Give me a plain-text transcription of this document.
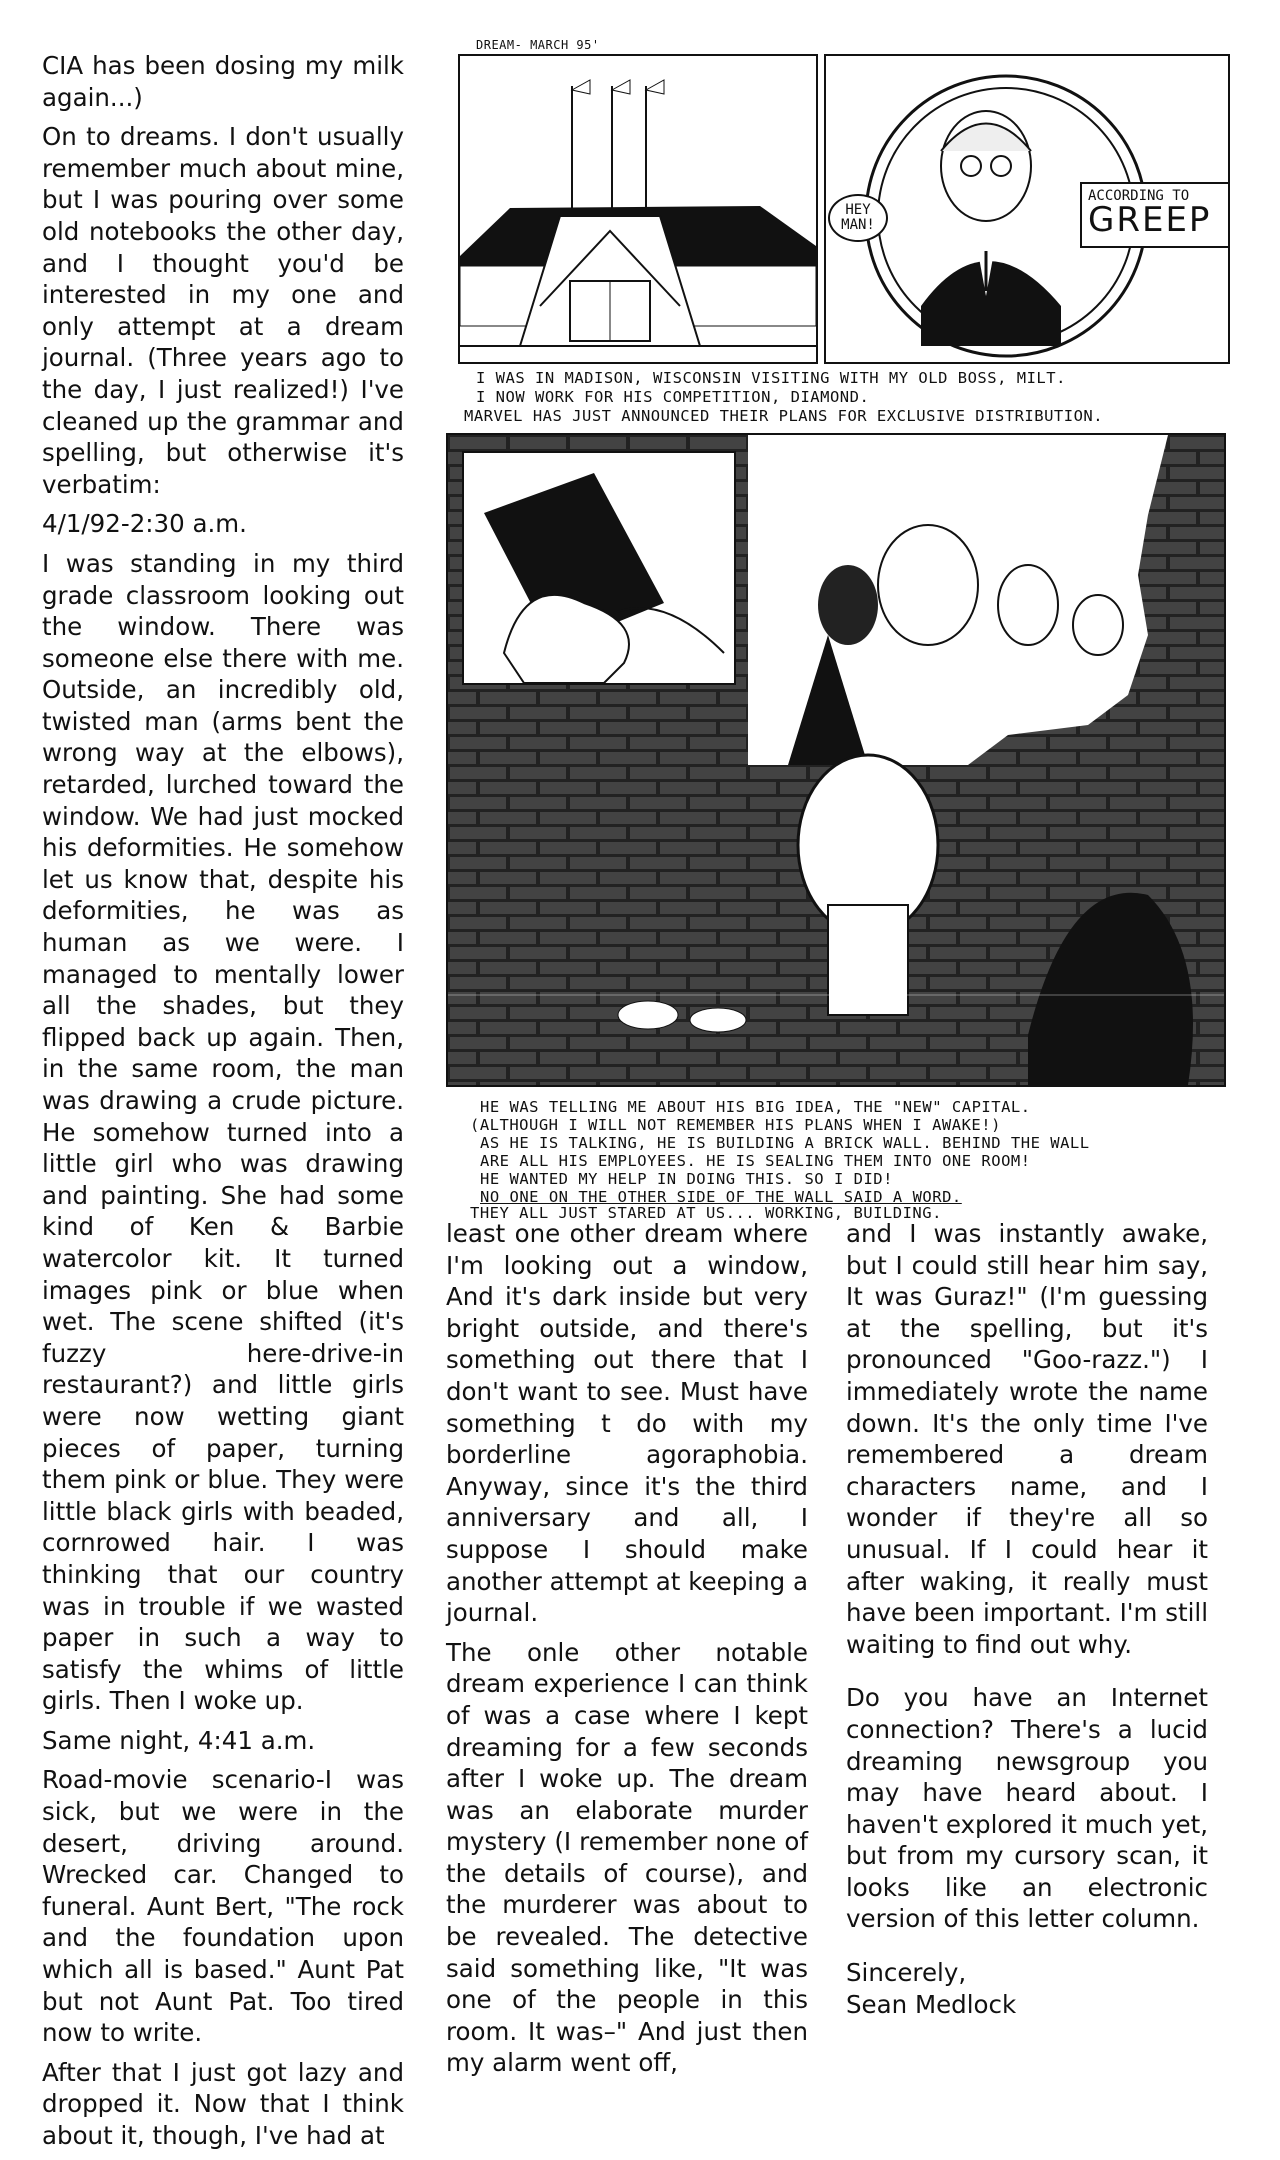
CIA has been dosing my milk again...)

On to dreams. I don't usually remember much about mine, but I was pouring over some old notebooks the other day, and I thought you'd be interested in my one and only attempt at a dream journal. (Three years ago to the day, I just realized!) I've cleaned up the grammar and spelling, but otherwise it's verbatim:

4/1/92-2:30 a.m.

I was standing in my third grade classroom looking out the window. There was someone else there with me. Outside, an incredibly old, twisted man (arms bent the wrong way at the elbows), retarded, lurched toward the window. We had just mocked his deformities. He somehow let us know that, despite his deformities, he was as human as we were. I managed to mentally lower all the shades, but they flipped back up again. Then, in the same room, the man was drawing a crude picture. He somehow turned into a little girl who was drawing and painting. She had some kind of Ken & Barbie watercolor kit. It turned images pink or blue when wet. The scene shifted (it's fuzzy here-drive-in restaurant?) and little girls were now wetting giant pieces of paper, turning them pink or blue. They were little black girls with beaded, cornrowed hair. I was thinking that our country was in trouble if we wasted paper in such a way to satisfy the whims of little girls. Then I woke up.

Same night, 4:41 a.m.

Road-movie scenario-I was sick, but we were in the desert, driving around. Wrecked car. Changed to funeral. Aunt Bert, "The rock and the foundation upon which all is based." Aunt Pat but not Aunt Pat. Too tired now to write.

After that I just got lazy and dropped it. Now that I think about it, though, I've had at

DREAM- MARCH 95'
HEY MAN!
ACCORDING TO
GREEP
I WAS IN MADISON, WISCONSIN VISITING WITH MY OLD BOSS, MILT.
I NOW WORK FOR HIS COMPETITION, DIAMOND.
MARVEL HAS JUST ANNOUNCED THEIR PLANS FOR EXCLUSIVE DISTRIBUTION.
HE WAS TELLING ME ABOUT HIS BIG IDEA, THE "NEW" CAPITAL.
(ALTHOUGH I WILL NOT REMEMBER HIS PLANS WHEN I AWAKE!)
AS HE IS TALKING, HE IS BUILDING A BRICK WALL. BEHIND THE WALL
ARE ALL HIS EMPLOYEES. HE IS SEALING THEM INTO ONE ROOM!
HE WANTED MY HELP IN DOING THIS. SO I DID!
NO ONE ON THE OTHER SIDE OF THE WALL SAID A WORD.
THEY ALL JUST STARED AT US... WORKING, BUILDING.

least one other dream where I'm looking out a window, And it's dark inside but very bright outside, and there's something out there that I don't want to see. Must have something t do with my borderline agoraphobia. Anyway, since it's the third anniversary and all, I suppose I should make another attempt at keeping a journal.

The onle other notable dream experience I can think of was a case where I kept dreaming for a few seconds after I woke up. The dream was an elaborate murder mystery (I remember none of the details of course), and the murderer was about to be revealed. The detective said something like, "It was one of the people in this room. It was–" And just then my alarm went off,

and I was instantly awake, but I could still hear him say, It was Guraz!" (I'm guessing at the spelling, but it's pronounced "Goo-razz.") I immediately wrote the name down. It's the only time I've remembered a dream characters name, and I wonder if they're all so unusual. If I could hear it after waking, it really must have been important. I'm still waiting to find out why.

Do you have an Internet connection? There's a lucid dreaming newsgroup you may have heard about. I haven't explored it much yet, but from my cursory scan, it looks like an electronic version of this letter column.

Sincerely,

Sean Medlock
